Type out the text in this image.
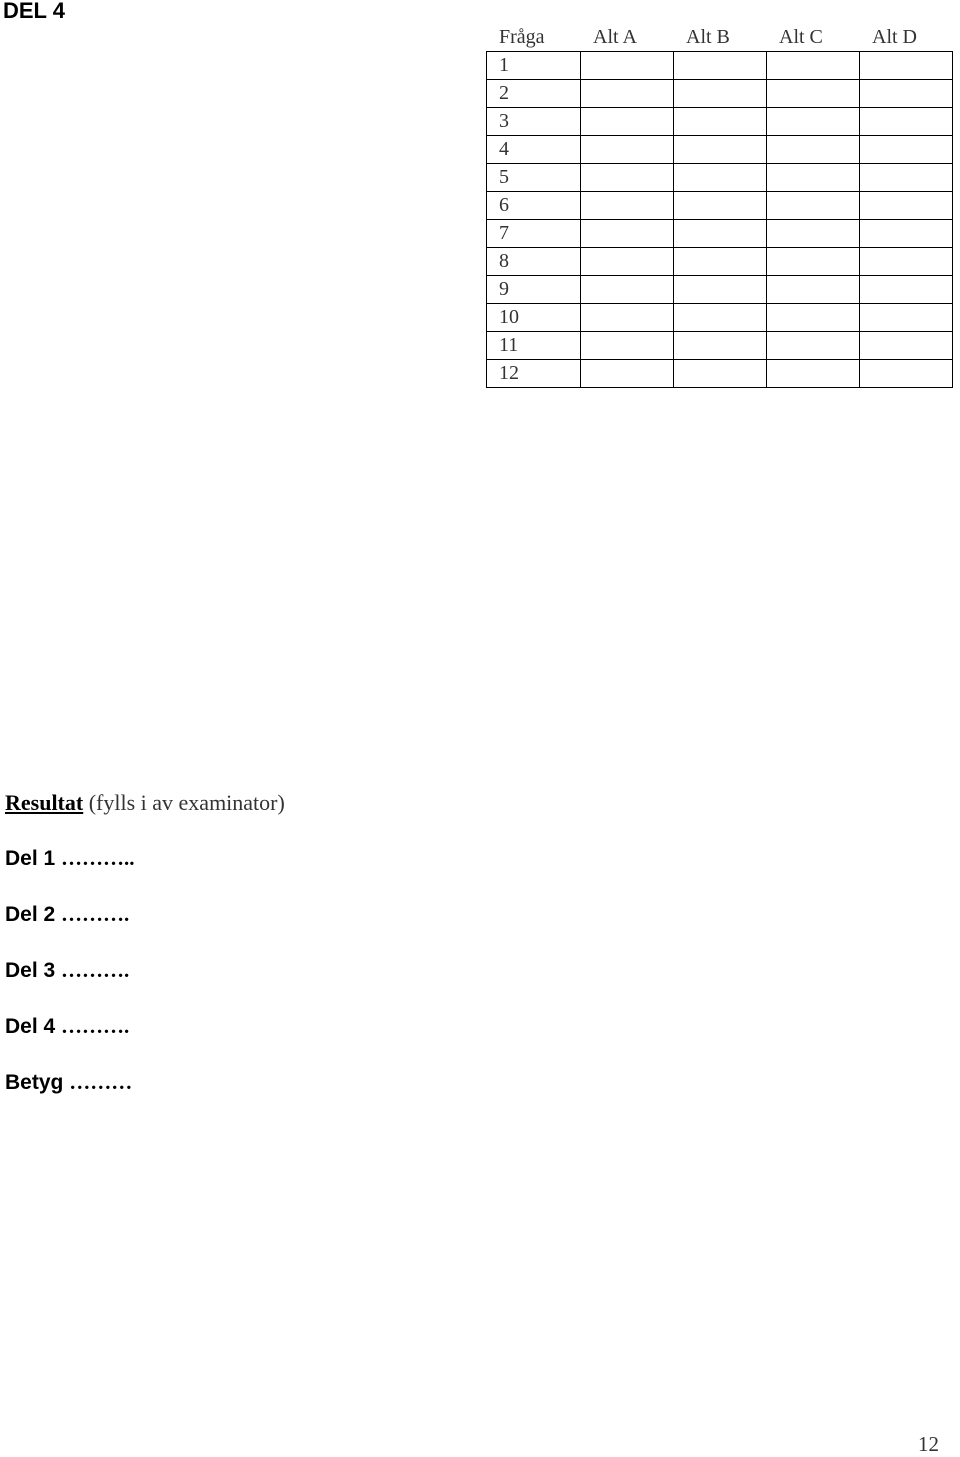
DEL 4
Fråga	Alt A	Alt B	Alt C	Alt D
1				
2				
3				
4				
5				
6				
7				
8				
9				
10				
11				
12				

Resultat (fylls i av examinator)

Del 1 ………..

Del 2 ……….

Del 3 ……….

Del 4 ……….

Betyg ………

12
